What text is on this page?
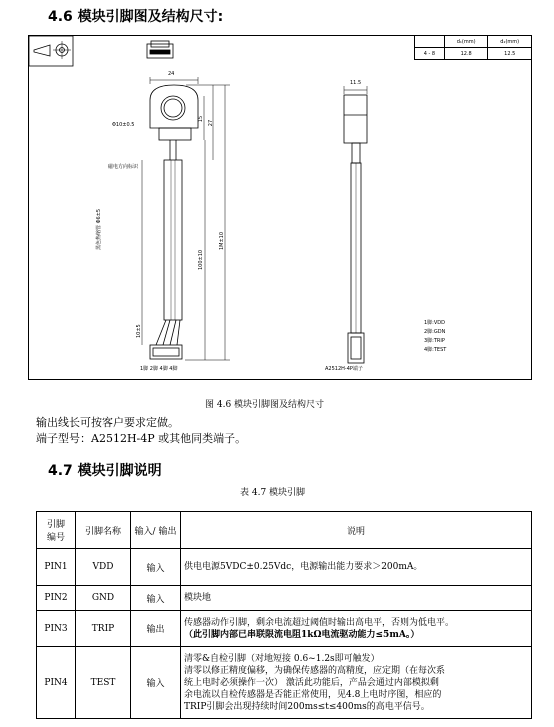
4.6 模块引脚图及结构尺寸:
	d₁(mm)	d₂(mm)
4 - 8	12.8	12.5
24
15
27
11.5
Φ10±0.5
磁电方向标识
黑色热缩管 Φ6±5
100±10
1M±10
10±5
1脚 2脚 4脚 4脚	A2512H-4P端子
1脚:VDD
2脚:GDN
3脚:TRIP
4脚:TEST
图 4.6 模块引脚图及结构尺寸
输出线长可按客户要求定做。
端子型号：A2512H-4P 或其他同类端子。
4.7 模块引脚说明
表 4.7 模块引脚
引脚
编号	引脚名称	输入/ 输出	说明
PIN1	VDD	输入	供电电源5VDC±0.25Vdc，电源输出能力要求＞200mA。

PIN2	GND	输入	模块地

PIN3	TRIP	输出	传感器动作引脚，剩余电流超过阈值时输出高电平，否则为低电平。
（此引脚内部已串联限流电阻1kΩ电流驱动能力≤5mA。）

PIN4	TEST	输入	清零&自检引脚（对地短接 0.6~1.2s即可触发）
清零以修正精度偏移，为确保传感器的高精度，应定期（在每次系
统上电时必须操作一次） 激活此功能后，产品会通过内部模拟剩
余电流以自检传感器是否能正常使用，见4.8上电时序图，相应的
TRIP引脚会出现持续时间200ms≤t≤400ms的高电平信号。
